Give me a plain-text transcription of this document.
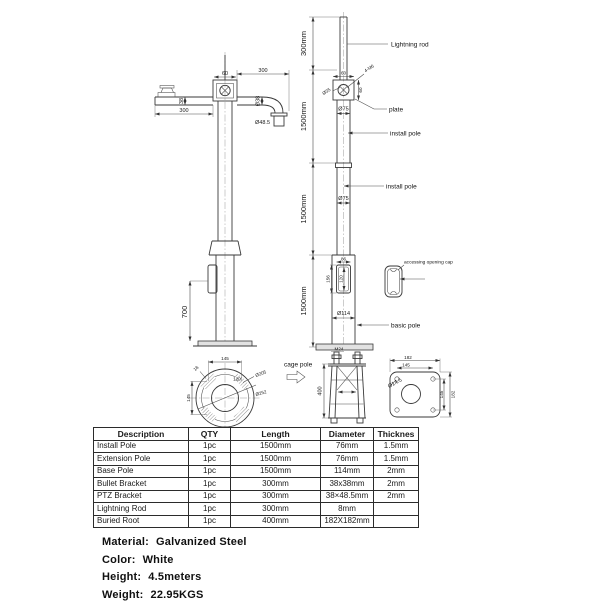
60
38
300
Ø38
Ø48.5
300
700
145
145
18
120
Ø205
Ø252
300mm
1500mm
1500mm
1500mm
60	4-M6
Ø35	60
Ø75
Ø75
86
156 120
Ø114
Lightning rod
plate
install pole
install pole
basic pole
accessing opening cap
M24
400
cage pole
182
145
Ø14.5
145 182
Description	QTY	Length	Diameter	Thicknes
Install Pole	1pc	1500mm	76mm	1.5mm
Extension Pole	1pc	1500mm	76mm	1.5mm
Base Pole	1pc	1500mm	114mm	2mm
Bullet Bracket	1pc	300mm	38x38mm	2mm
PTZ Bracket	1pc	300mm	38×48.5mm	2mm
Lightning Rod	1pc	300mm	8mm	
Buried Root	1pc	400mm	182X182mm	
Material: Galvanized Steel
Color: White
Height: 4.5meters
Weight: 22.95KGS
